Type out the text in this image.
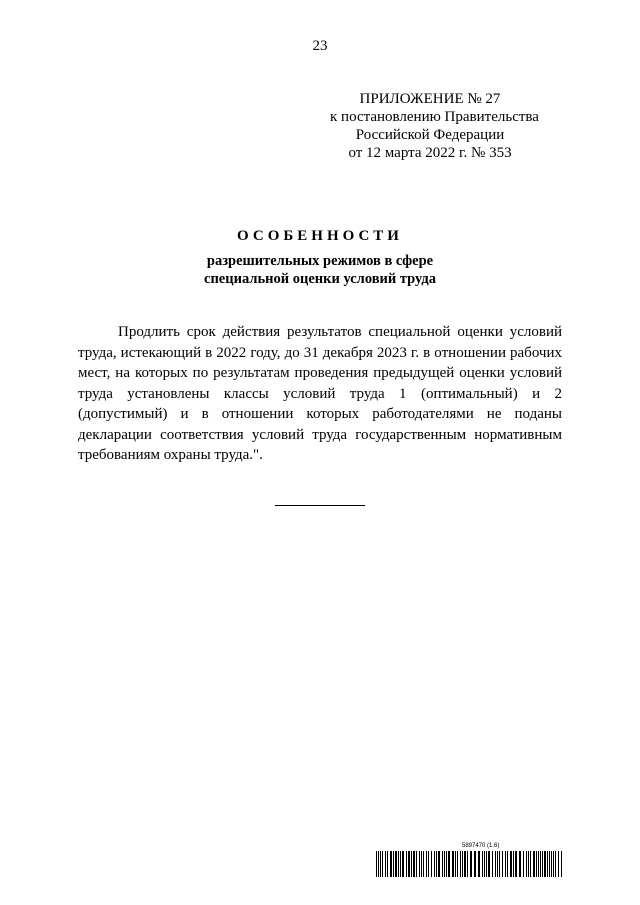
23
ПРИЛОЖЕНИЕ № 27
к постановлению Правительства
Российской Федерации
от 12 марта 2022 г. № 353
ОСОБЕННОСТИ
разрешительных режимов в сфере
специальной оценки условий труда

Продлить срок действия результатов специальной оценки условий труда, истекающий в 2022 году, до 31 декабря 2023 г. в отношении рабочих мест, на которых по результатам проведения предыдущей оценки условий труда установлены классы условий труда 1 (оптимальный) и 2 (допустимый) и в отношении которых работодателями не поданы декларации соответствия условий труда государственным нормативным требованиям охраны труда.".

5897470 (1.6)
